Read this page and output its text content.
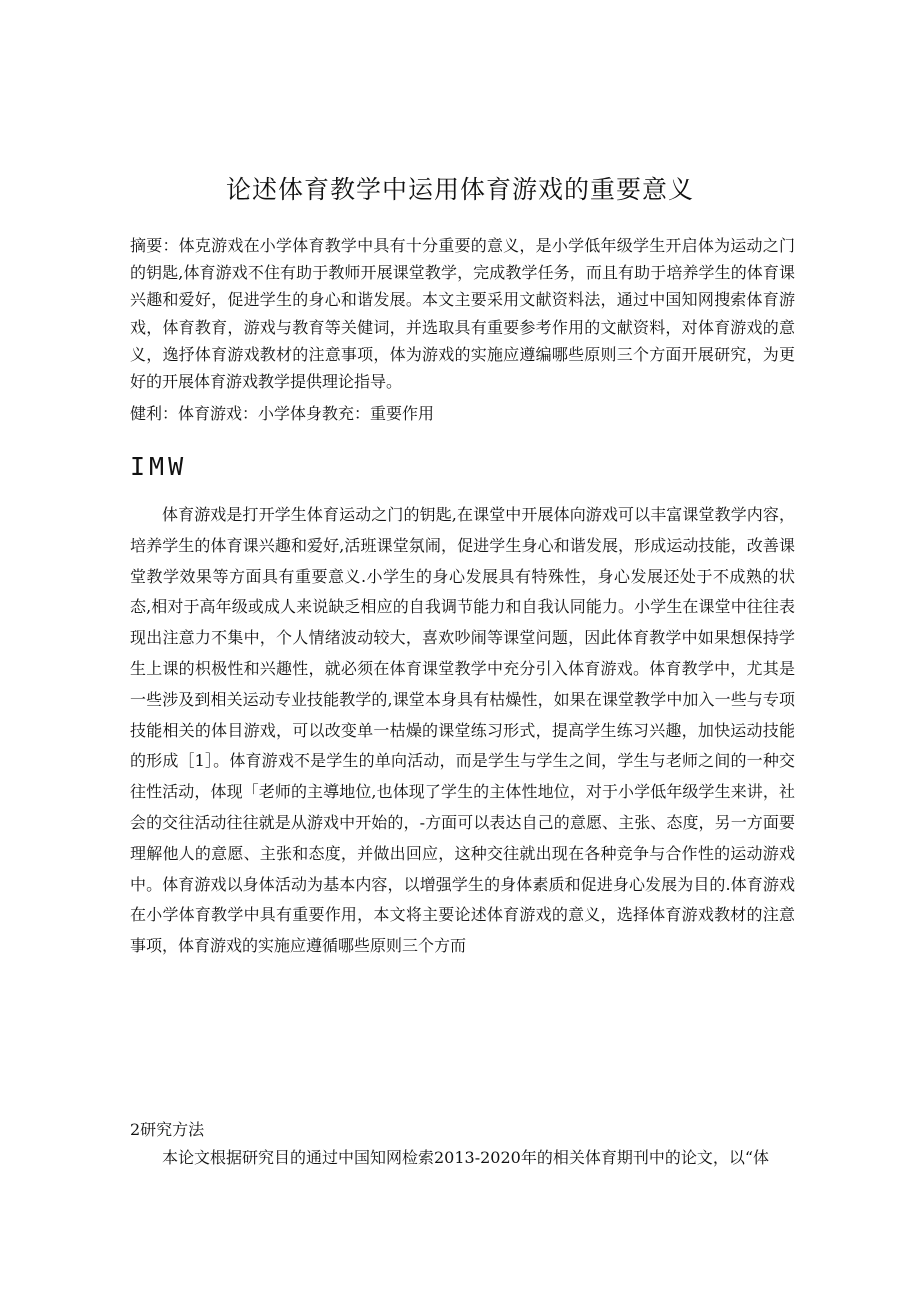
论述体育教学中运用体育游戏的重要意义

摘要：体克游戏在小学体育教学中具有十分重要的意义，是小学低年级学生开启体为运动之门的钥匙,体育游戏不住有助于教师开展课堂教学，完成教学任务，而且有助于培养学生的体育课兴趣和爱好，促进学生的身心和谐发展。本文主要采用文献资料法，通过中国知网搜索体育游戏，体育教育，游戏与教育等关健词，并选取具有重要参考作用的文献资料，对体育游戏的意义，逸抒体育游戏教材的注意事项，体为游戏的实施应遵编哪些原则三个方面开展研究，为更好的开展体育游戏教学提供理论指导。

健利：体育游戏：小学体身教充：重要作用

IMW

体育游戏是打开学生体育运动之门的钥匙,在课堂中开展体向游戏可以丰富课堂教学内容，培养学生的体育课兴趣和爱好,活班课堂氛闹，促进学生身心和谐发展，形成运动技能，改善课堂教学效果等方面具有重要意义.小学生的身心发展具有特殊性，身心发展还处于不成熟的状态,相对于高年级或成人来说缺乏相应的自我调节能力和自我认同能力。小学生在课堂中往往表现出注意力不集中，个人情绪波动较大，喜欢吵闹等课堂问题，因此体育教学中如果想保持学生上课的枳极性和兴趣性，就必须在体育课堂教学中充分引入体育游戏。体育教学中，尤其是一些涉及到相关运动专业技能教学的,课堂本身具有枯燥性，如果在课堂教学中加入一些与专项技能相关的体目游戏，可以改变单一枯燥的课堂练习形式，提高学生练习兴趣，加快运动技能的形成［1］。体育游戏不是学生的单向活动，而是学生与学生之间，学生与老师之间的一种交往性活动，体现「老师的主導地位,也体现了学生的主体性地位，对于小学低年级学生来讲，社会的交往活动往往就是从游戏中开始的，-方面可以表达自己的意愿、主张、态度，另一方面要理解他人的意愿、主张和态度，并做出回应，这种交往就出现在各种竞争与合作性的运动游戏中。体育游戏以身体活动为基本内容，以增强学生的身体素质和促进身心发展为目的.体育游戏在小学体育教学中具有重要作用，本文将主要论述体育游戏的意义，选择体育游戏教材的注意事项，体育游戏的实施应遵循哪些原则三个方而

2研究方法

本论文根据研究目的通过中国知网检索2013-2020年的相关体育期刊中的论文，以“体
